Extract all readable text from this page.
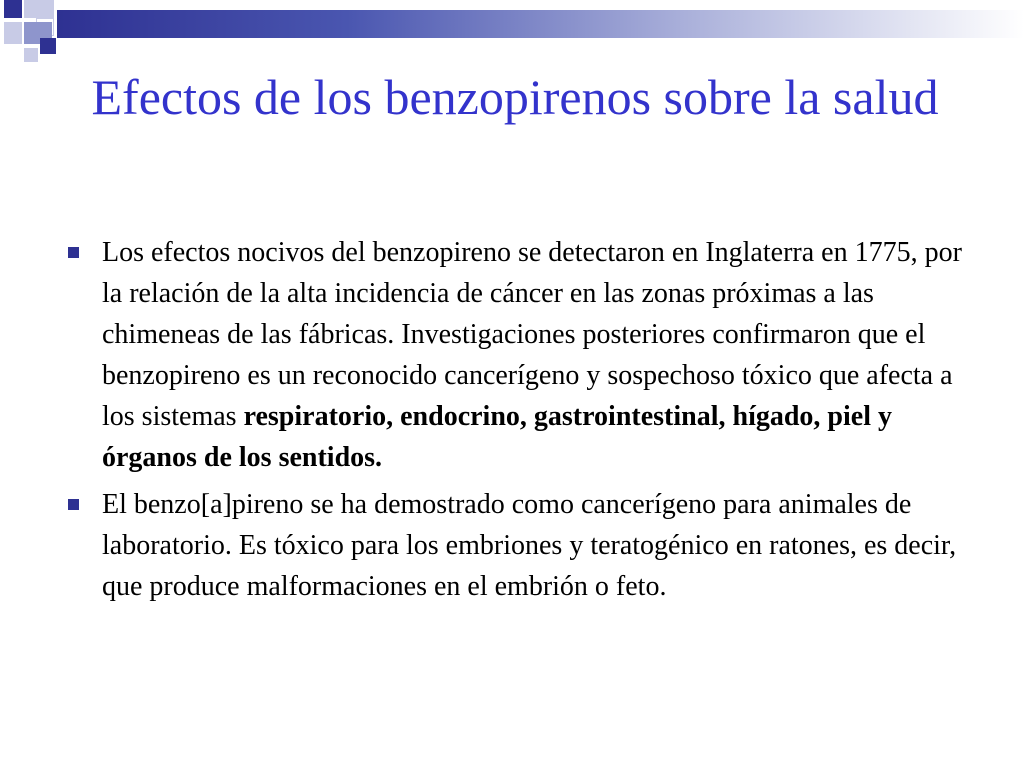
Efectos de los benzopirenos sobre la salud

Los efectos nocivos del benzopireno se detectaron en Inglaterra en 1775, por la relación de la alta incidencia de cáncer en las zonas próximas a las chimeneas de las fábricas. Investigaciones posteriores confirmaron que el benzopireno es un reconocido cancerígeno y sospechoso tóxico que afecta a los sistemas respiratorio, endocrino, gastrointestinal, hígado, piel y órganos de los sentidos.

El benzo[a]pireno se ha demostrado como cancerígeno para animales de laboratorio. Es tóxico para los embriones y teratogénico en ratones, es decir, que produce malformaciones en el embrión o feto.
